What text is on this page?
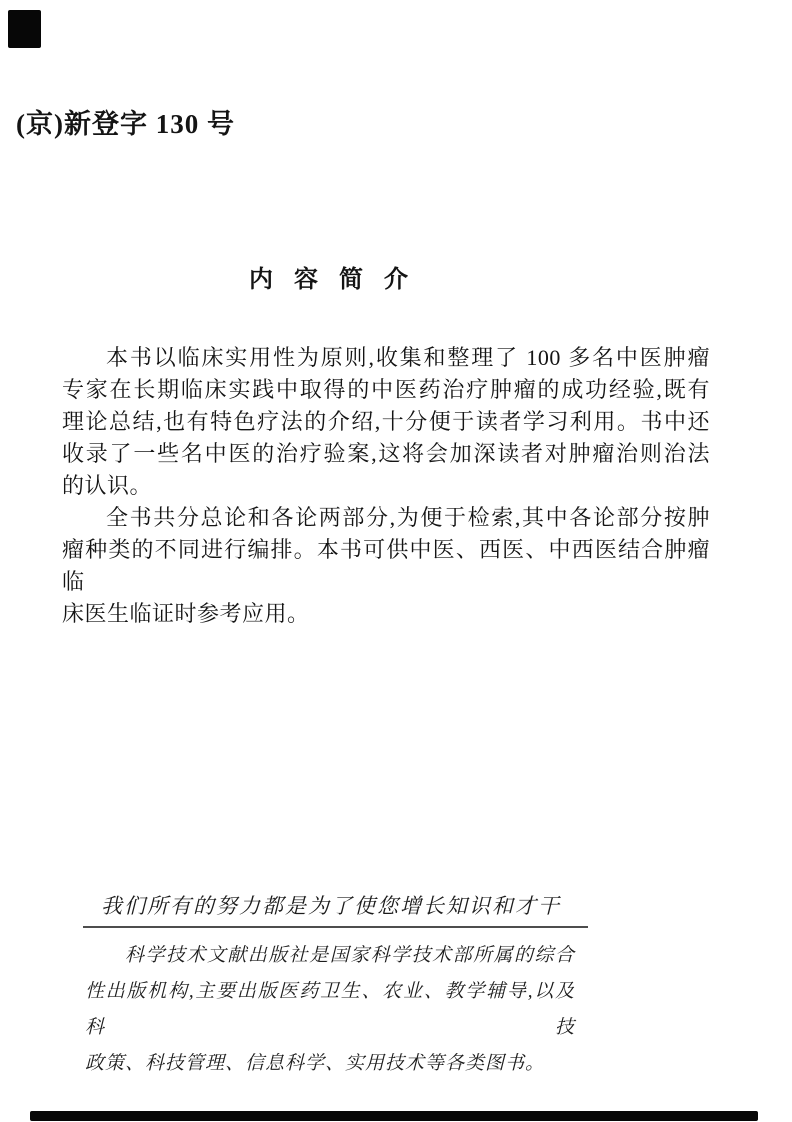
(京)新登字 130 号
内容简介
本书以临床实用性为原则,收集和整理了 100 多名中医肿瘤
专家在长期临床实践中取得的中医药治疗肿瘤的成功经验,既有
理论总结,也有特色疗法的介绍,十分便于读者学习利用。书中还
收录了一些名中医的治疗验案,这将会加深读者对肿瘤治则治法
的认识。
全书共分总论和各论两部分,为便于检索,其中各论部分按肿
瘤种类的不同进行编排。本书可供中医、西医、中西医结合肿瘤临
床医生临证时参考应用。
我们所有的努力都是为了使您增长知识和才干
科学技术文献出版社是国家科学技术部所属的综合
性出版机构,主要出版医药卫生、农业、教学辅导,以及科技
政策、科技管理、信息科学、实用技术等各类图书。
